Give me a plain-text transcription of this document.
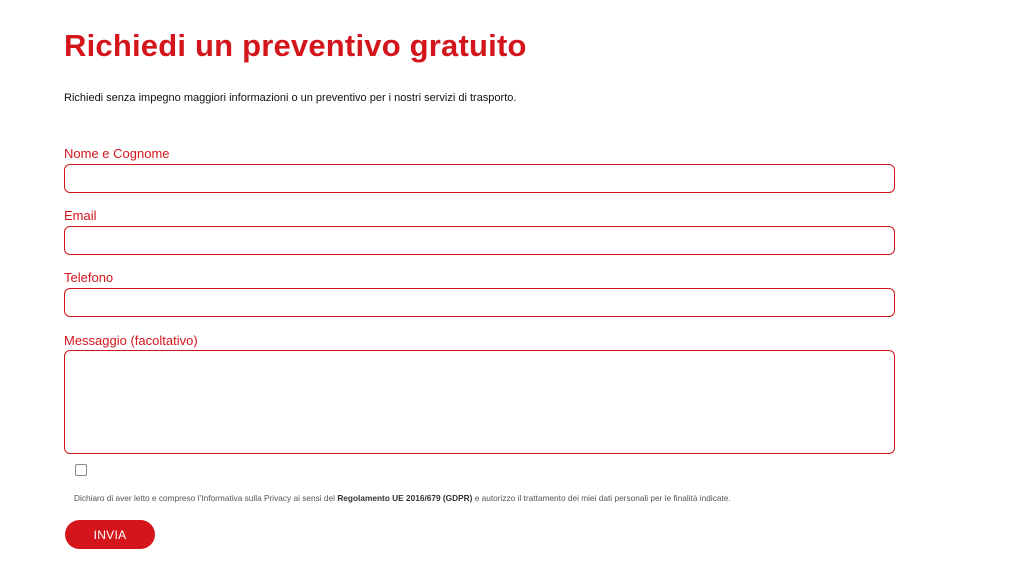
Richiedi un preventivo gratuito

Richiedi senza impegno maggiori informazioni o un preventivo per i nostri servizi di trasporto.

Nome e Cognome
Email
Telefono
Messaggio (facoltativo)

Dichiaro di aver letto e compreso l’Informativa sulla Privacy ai sensi del Regolamento UE 2016/679 (GDPR) e autorizzo il trattamento dei miei dati personali per le finalità indicate.

INVIA
